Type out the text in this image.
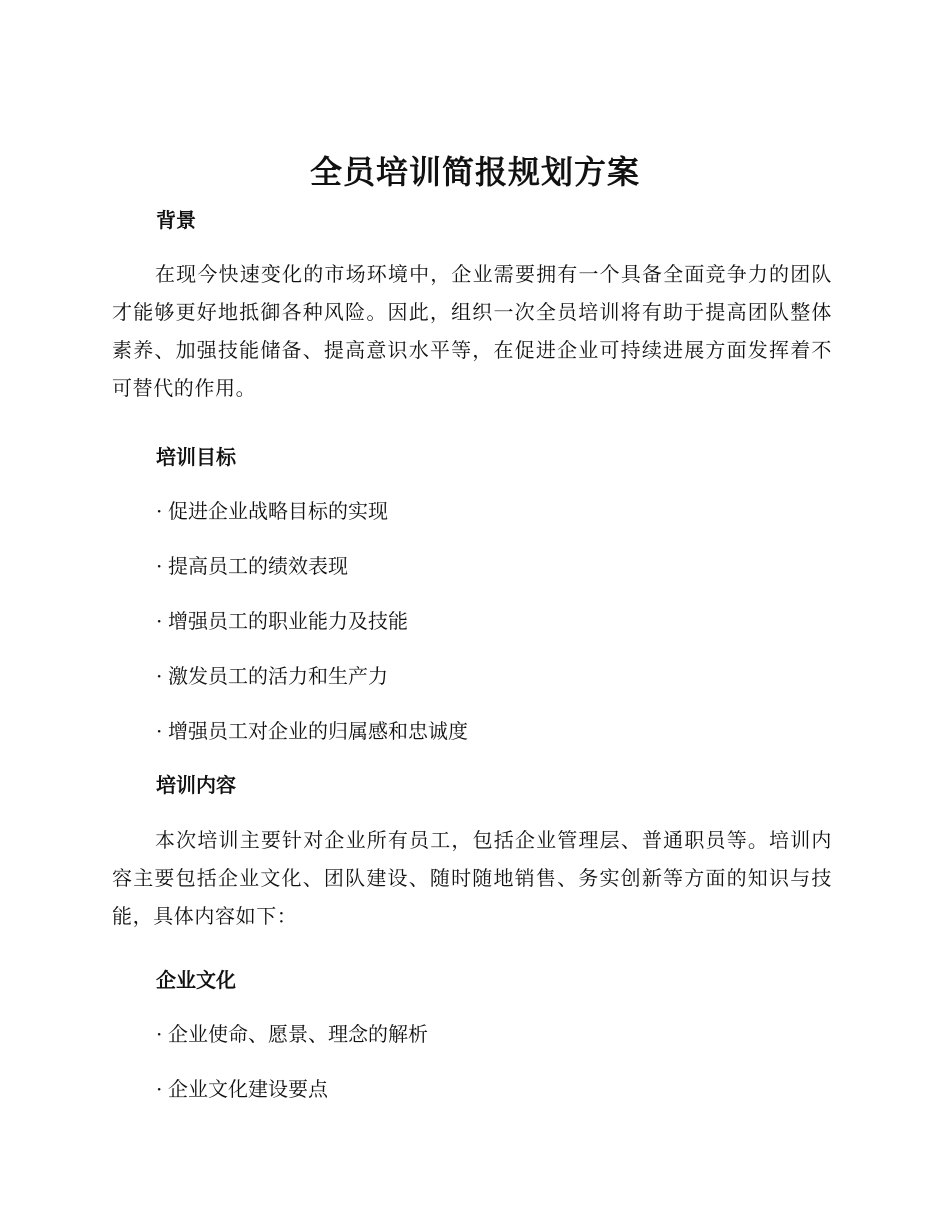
全员培训简报规划方案
背景

在现今快速变化的市场环境中，企业需要拥有一个具备全面竞争力的团队才能够更好地抵御各种风险。因此，组织一次全员培训将有助于提高团队整体素养、加强技能储备、提高意识水平等，在促进企业可持续进展方面发挥着不可替代的作用。

培训目标
· 促进企业战略目标的实现
· 提高员工的绩效表现
· 增强员工的职业能力及技能
· 激发员工的活力和生产力
· 增强员工对企业的归属感和忠诚度
培训内容

本次培训主要针对企业所有员工，包括企业管理层、普通职员等。培训内容主要包括企业文化、团队建设、随时随地销售、务实创新等方面的知识与技能，具体内容如下：

企业文化
· 企业使命、愿景、理念的解析
· 企业文化建设要点
